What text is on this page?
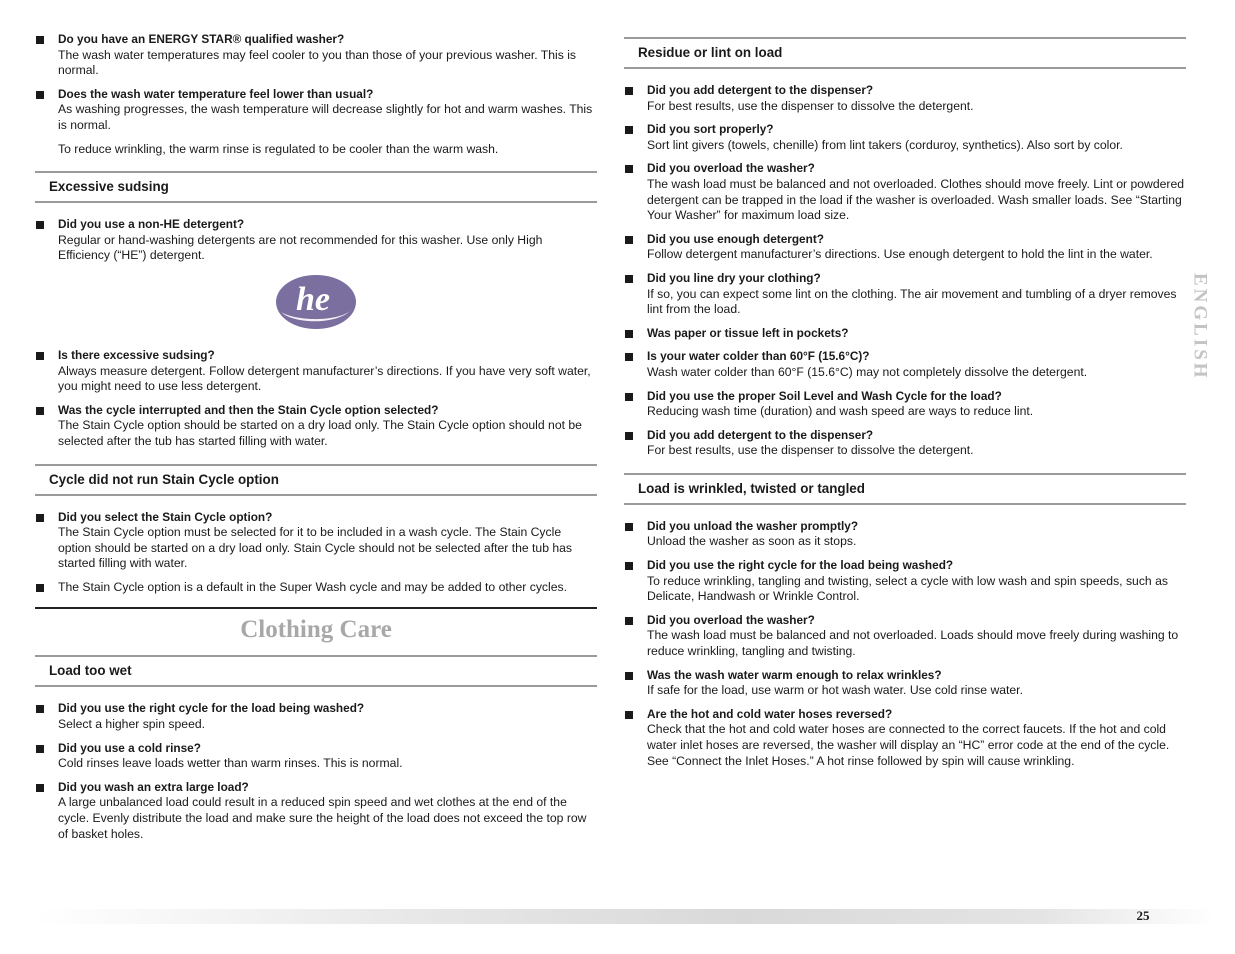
Do you have an ENERGY STAR® qualified washer?
The wash water temperatures may feel cooler to you than those of your previous washer. This is normal.
Does the wash water temperature feel lower than usual?
As washing progresses, the wash temperature will decrease slightly for hot and warm washes. This is normal.
To reduce wrinkling, the warm rinse is regulated to be cooler than the warm wash.
Excessive sudsing
Did you use a non-HE detergent?
Regular or hand-washing detergents are not recommended for this washer. Use only High Efficiency (“HE”) detergent.
he
Is there excessive sudsing?
Always measure detergent. Follow detergent manufacturer’s directions. If you have very soft water, you might need to use less detergent.
Was the cycle interrupted and then the Stain Cycle option selected?
The Stain Cycle option should be started on a dry load only. The Stain Cycle option should not be selected after the tub has started filling with water.
Cycle did not run Stain Cycle option
Did you select the Stain Cycle option?
The Stain Cycle option must be selected for it to be included in a wash cycle. The Stain Cycle option should be started on a dry load only. Stain Cycle should not be selected after the tub has started filling with water.
The Stain Cycle option is a default in the Super Wash cycle and may be added to other cycles.
Clothing Care
Load too wet
Did you use the right cycle for the load being washed?
Select a higher spin speed.
Did you use a cold rinse?
Cold rinses leave loads wetter than warm rinses. This is normal.
Did you wash an extra large load?
A large unbalanced load could result in a reduced spin speed and wet clothes at the end of the cycle. Evenly distribute the load and make sure the height of the load does not exceed the top row of basket holes.
Residue or lint on load
Did you add detergent to the dispenser?
For best results, use the dispenser to dissolve the detergent.
Did you sort properly?
Sort lint givers (towels, chenille) from lint takers (corduroy, synthetics). Also sort by color.
Did you overload the washer?
The wash load must be balanced and not overloaded. Clothes should move freely. Lint or powdered detergent can be trapped in the load if the washer is overloaded. Wash smaller loads. See “Starting Your Washer” for maximum load size.
Did you use enough detergent?
Follow detergent manufacturer’s directions. Use enough detergent to hold the lint in the water.
Did you line dry your clothing?
If so, you can expect some lint on the clothing. The air movement and tumbling of a dryer removes lint from the load.
Was paper or tissue left in pockets?
Is your water colder than 60°F (15.6°C)?
Wash water colder than 60°F (15.6°C) may not completely dissolve the detergent.
Did you use the proper Soil Level and Wash Cycle for the load?
Reducing wash time (duration) and wash speed are ways to reduce lint.
Did you add detergent to the dispenser?
For best results, use the dispenser to dissolve the detergent.
Load is wrinkled, twisted or tangled
Did you unload the washer promptly?
Unload the washer as soon as it stops.
Did you use the right cycle for the load being washed?
To reduce wrinkling, tangling and twisting, select a cycle with low wash and spin speeds, such as Delicate, Handwash or Wrinkle Control.
Did you overload the washer?
The wash load must be balanced and not overloaded. Loads should move freely during washing to reduce wrinkling, tangling and twisting.
Was the wash water warm enough to relax wrinkles?
If safe for the load, use warm or hot wash water. Use cold rinse water.
Are the hot and cold water hoses reversed?
Check that the hot and cold water hoses are connected to the correct faucets. If the hot and cold water inlet hoses are reversed, the washer will display an “HC” error code at the end of the cycle. See “Connect the Inlet Hoses.” A hot rinse followed by spin will cause wrinkling.
ENGLISH
25
